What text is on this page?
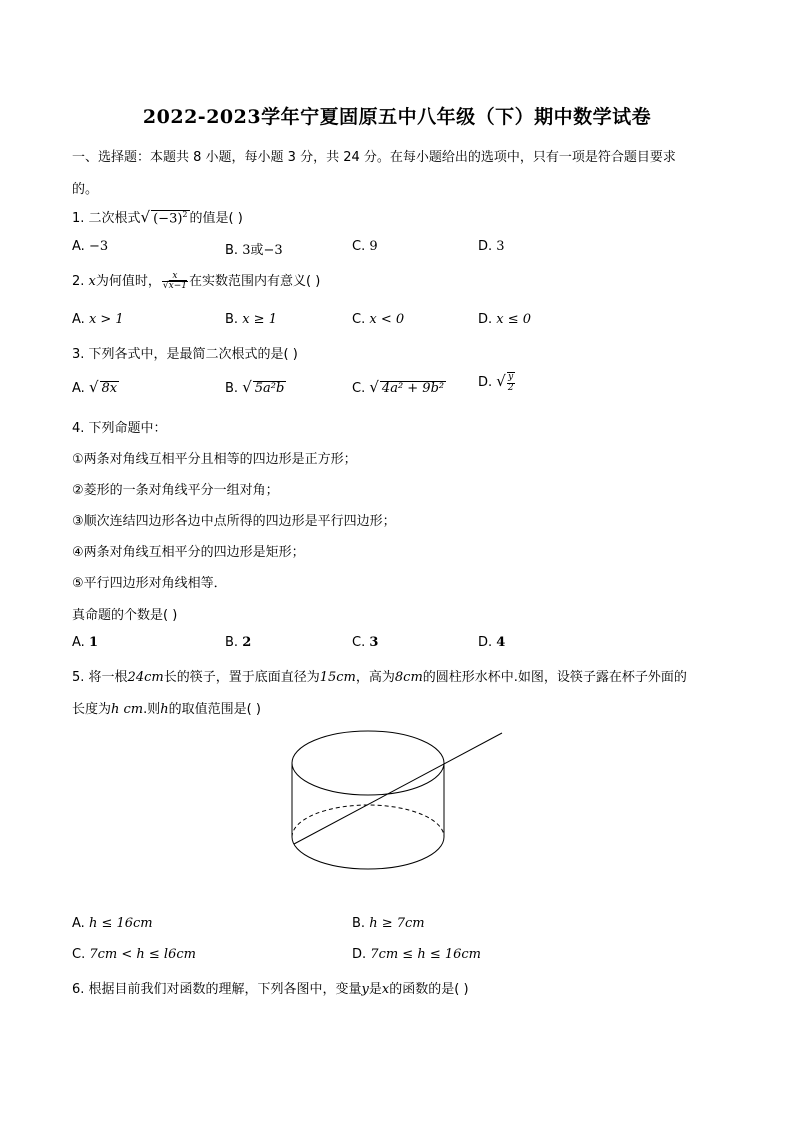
2022-2023学年宁夏固原五中八年级（下）期中数学试卷
一、选择题：本题共 8 小题，每小题 3 分，共 24 分。在每小题给出的选项中，只有一项是符合题目要求
的。
1. 二次根式√ $(-3)^2$ 的值是( )
A. −3	B. 3或−3	C. 9	D. 3
2. x为何值时， $\frac{x}{√x-1}$ 在实数范围内有意义( )
A. x > 1	B. x ≥ 1	C. x < 0	D. x ≤ 0
3. 下列各式中，是最简二次根式的是( )
A. √ 8x	B. √ 5a²b	C. √ 4a² + 9b²	D. √ $\frac{y}{2}$
4. 下列命题中：
①两条对角线互相平分且相等的四边形是正方形；
②菱形的一条对角线平分一组对角；
③顺次连结四边形各边中点所得的四边形是平行四边形；
④两条对角线互相平分的四边形是矩形；
⑤平行四边形对角线相等．
真命题的个数是( )
A. 1	B. 2	C. 3	D. 4
5. 将一根24cm长的筷子，置于底面直径为15cm，高为8cm的圆柱形水杯中.如图，设筷子露在杯子外面的
长度为h cm.则h的取值范围是( )
A. h ≤ 16cm	B. h ≥ 7cm
C. 7cm < h ≤ l6cm	D. 7cm ≤ h ≤ 16cm
6. 根据目前我们对函数的理解，下列各图中，变量y是x的函数的是( )
